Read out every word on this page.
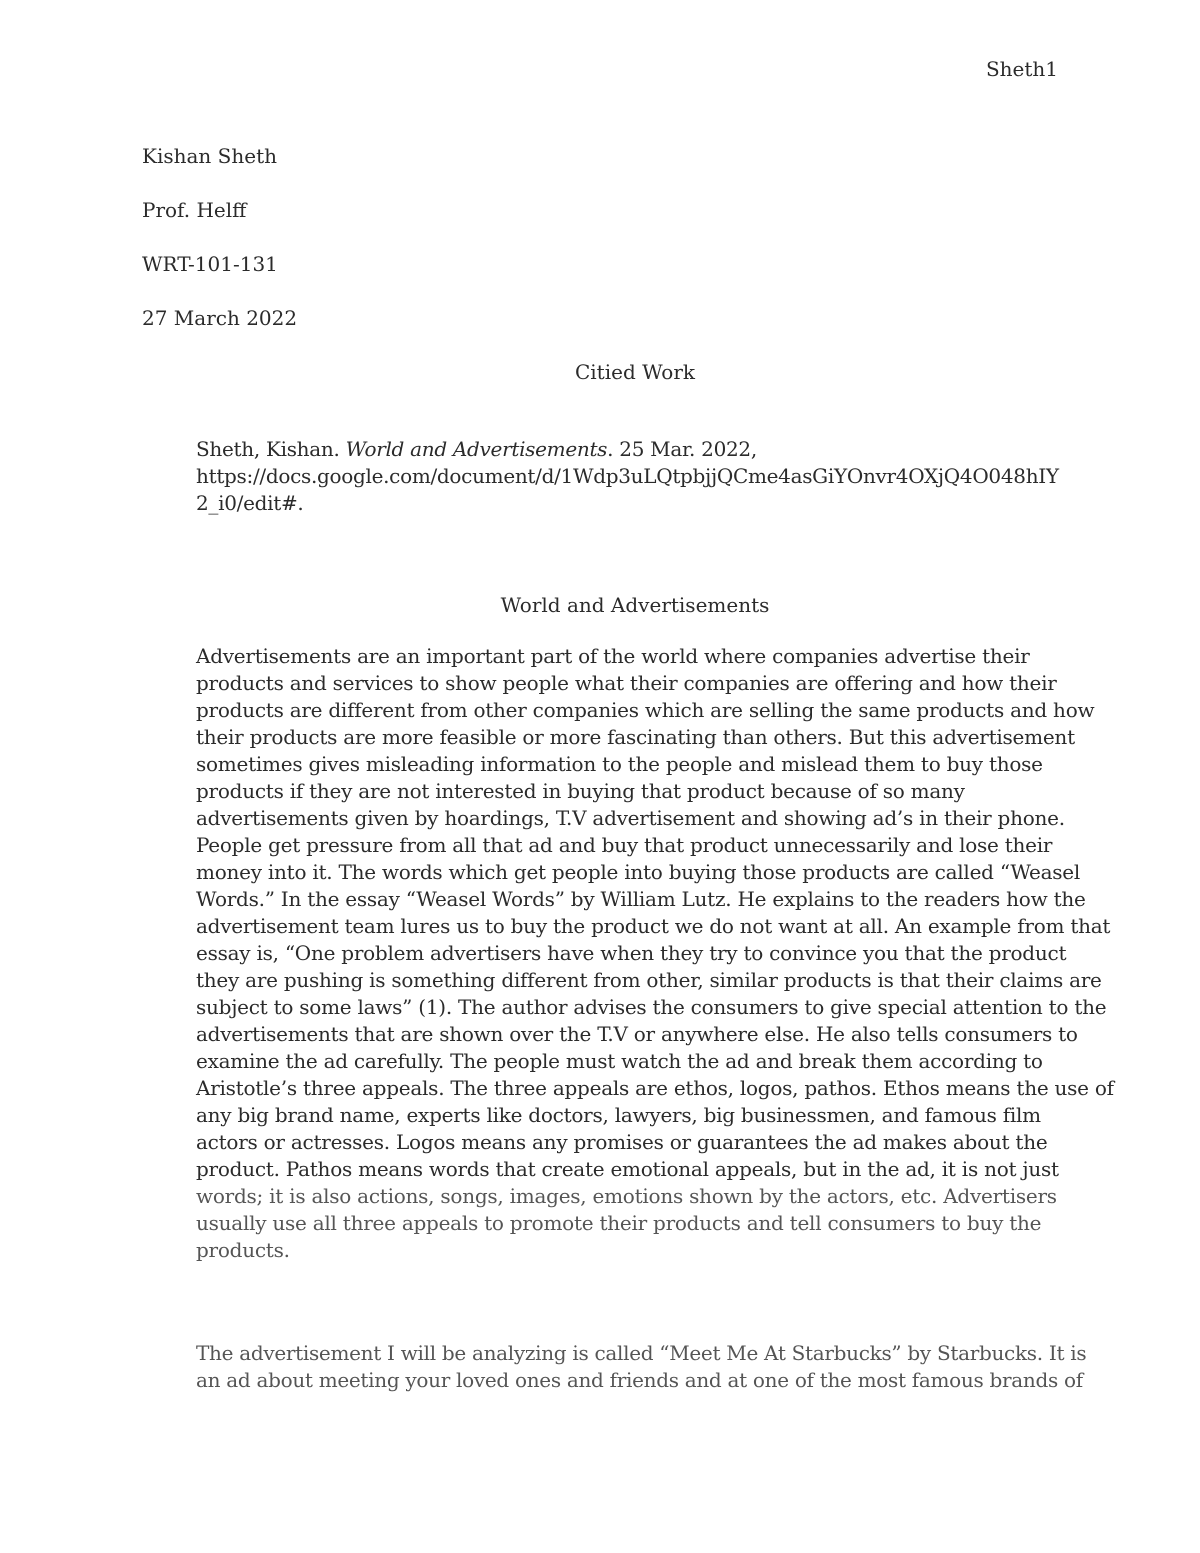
Sheth1
Kishan Sheth
Prof. Helff
WRT-101-131
27 March 2022
Citied Work
Sheth, Kishan. World and Advertisements. 25 Mar. 2022,
https://docs.google.com/document/d/1Wdp3uLQtpbjjQCme4asGiYOnvr4OXjQ4O048hIY
2_i0/edit#.
World and Advertisements
Advertisements are an important part of the world where companies advertise their
products and services to show people what their companies are offering and how their
products are different from other companies which are selling the same products and how
their products are more feasible or more fascinating than others. But this advertisement
sometimes gives misleading information to the people and mislead them to buy those
products if they are not interested in buying that product because of so many
advertisements given by hoardings, T.V advertisement and showing ad’s in their phone.
People get pressure from all that ad and buy that product unnecessarily and lose their
money into it. The words which get people into buying those products are called “Weasel
Words.” In the essay “Weasel Words” by William Lutz. He explains to the readers how the
advertisement team lures us to buy the product we do not want at all. An example from that
essay is, “One problem advertisers have when they try to convince you that the product
they are pushing is something different from other, similar products is that their claims are
subject to some laws” (1). The author advises the consumers to give special attention to the
advertisements that are shown over the T.V or anywhere else. He also tells consumers to
examine the ad carefully. The people must watch the ad and break them according to
Aristotle’s three appeals. The three appeals are ethos, logos, pathos. Ethos means the use of
any big brand name, experts like doctors, lawyers, big businessmen, and famous film
actors or actresses. Logos means any promises or guarantees the ad makes about the
product. Pathos means words that create emotional appeals, but in the ad, it is not just
words; it is also actions, songs, images, emotions shown by the actors, etc. Advertisers
usually use all three appeals to promote their products and tell consumers to buy the
products.
The advertisement I will be analyzing is called “Meet Me At Starbucks” by Starbucks. It is
an ad about meeting your loved ones and friends and at one of the most famous brands of
